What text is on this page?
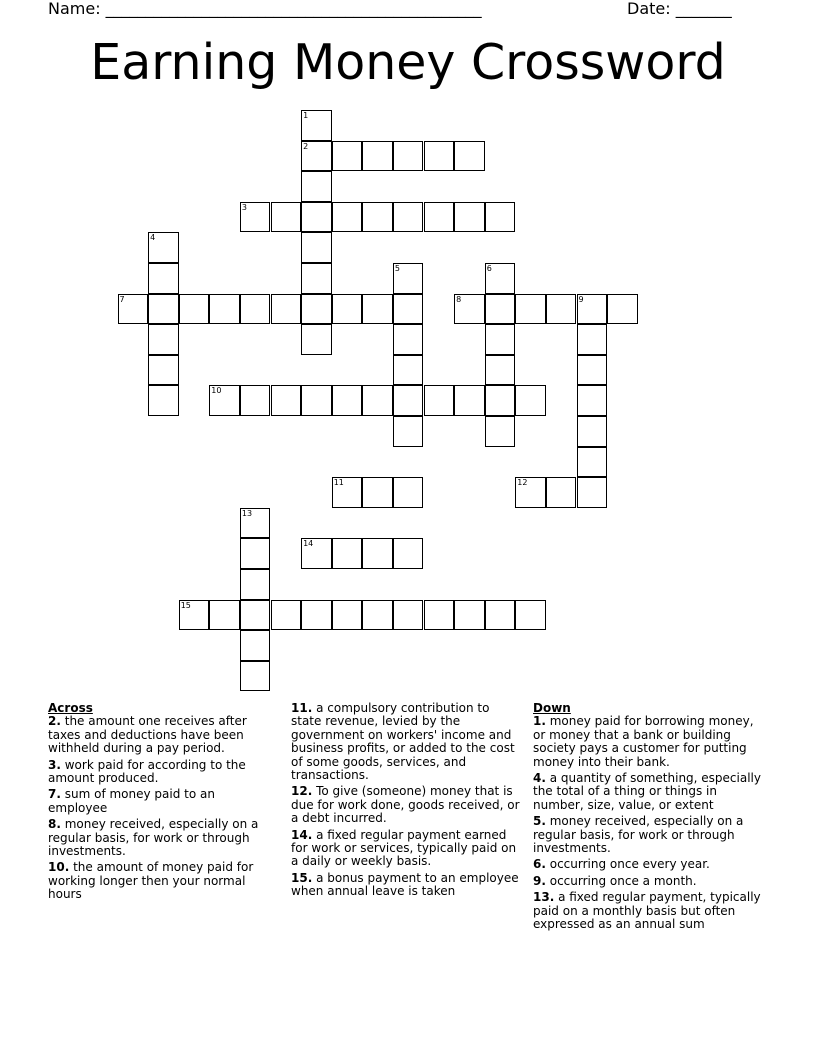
Name: _______________________________________________	Date: _______
Earning Money Crossword
1
2
3
4
5	6
7	8	9
10
11	12
13
14
15
Across
2. the amount one receives after taxes and deductions have been withheld during a pay period.
3. work paid for according to the amount produced.
7. sum of money paid to an employee
8. money received, especially on a regular basis, for work or through investments.
10. the amount of money paid for working longer then your normal hours
11. a compulsory contribution to state revenue, levied by the government on workers' income and business profits, or added to the cost of some goods, services, and transactions.
12. To give (someone) money that is due for work done, goods received, or a debt incurred.
14. a fixed regular payment earned for work or services, typically paid on a daily or weekly basis.
15. a bonus payment to an employee when annual leave is taken
Down
1. money paid for borrowing money, or money that a bank or building society pays a customer for putting money into their bank.
4. a quantity of something, especially the total of a thing or things in number, size, value, or extent
5. money received, especially on a regular basis, for work or through investments.
6. occurring once every year.
9. occurring once a month.
13. a fixed regular payment, typically paid on a monthly basis but often expressed as an annual sum
